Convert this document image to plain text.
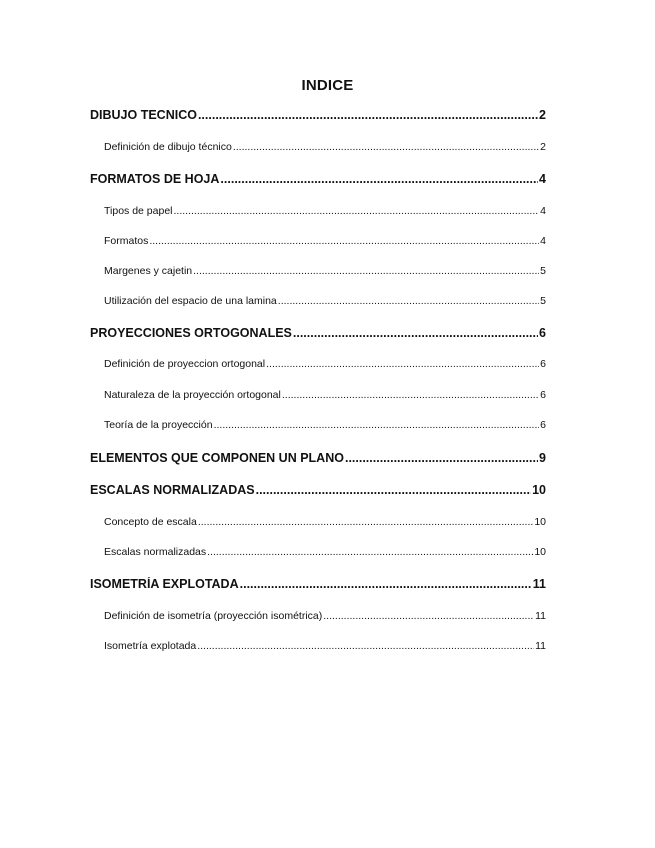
INDICE
DIBUJO TECNICO .....	2
Definición de dibujo técnico .....	2
FORMATOS DE HOJA .....	4
Tipos de papel .....	4
Formatos .....	4
Margenes y cajetin .....	5
Utilización del espacio de una lamina .....	5
PROYECCIONES ORTOGONALES .....	6
Definición de proyeccion ortogonal .....	6
Naturaleza de la proyección ortogonal .....	6
Teoría de la proyección .....	6
ELEMENTOS QUE COMPONEN UN PLANO .....	9
ESCALAS NORMALIZADAS .....	10
Concepto de escala .....	10
Escalas normalizadas .....	10
ISOMETRÍA EXPLOTADA .....	11
Definición de isometría (proyección isométrica) .....	11
Isometría explotada .....	11
